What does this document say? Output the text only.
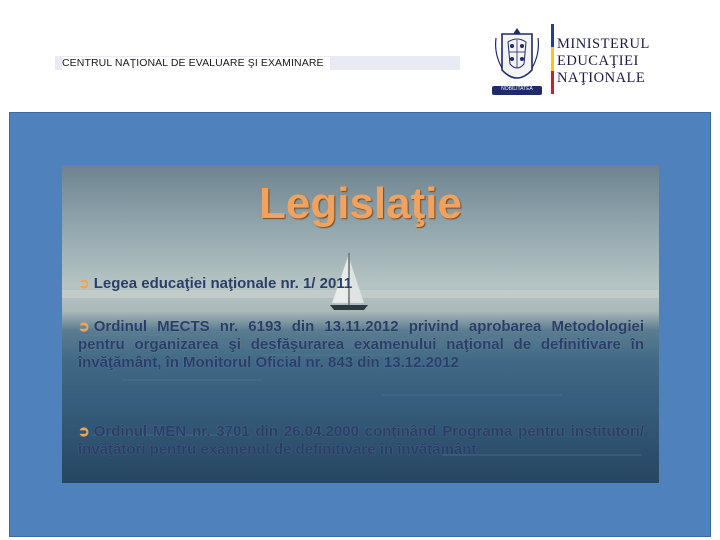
CENTRUL NAŢIONAL DE EVALUARE ŞI EXAMINARE
NOBILITATEA
MINISTERUL
EDUCAŢIEI
NAŢIONALE
Legislaţie
➲ Legea educaţiei naţionale nr. 1/ 2011
➲ Ordinul MECTS nr. 6193 din 13.11.2012 privind aprobarea Metodologiei pentru organizarea şi desfăşurarea examenului naţional de definitivare în învăţământ, în Monitorul Oficial nr. 843 din 13.12.2012
➲ Ordinul MEN nr. 3701 din 26.04.2000 conţinând Programa pentru institutori/învăţători pentru examenul de definitivare în învăţământ
